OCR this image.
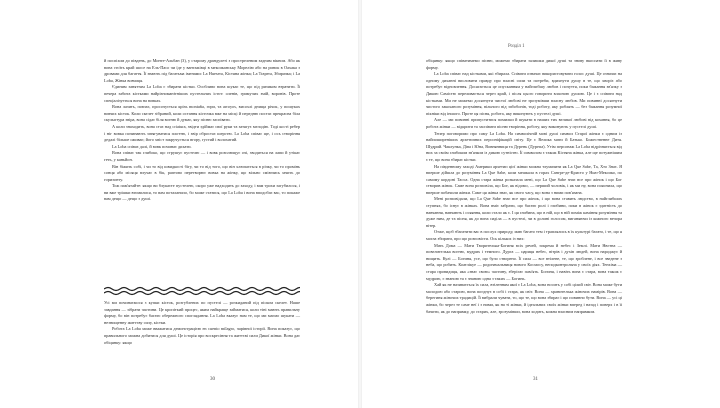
й поспіхом до південь, до Монте-Альбан (3), у старому драндулеті з простреленим задним вікном. Або як вона стоїть край шосе на Ель-Пасо чи їде у вантажівці в мексиканську Морелію або на ринок в Оахака з дровами для багаття. Її знають під багатьма іменами: La Huesera, Кістяна жінка; La Trapera, Збирачка; і La Loba, Жінка вовчиця.

Єдиним заняттям La Loba є збирати кістки. Особливо вона шукає те, що під ризиком втратити. Її печера забита кістками найрізноманітніших пустельних істот: оленів, гримучих змій, воронів. Проте спеціалізується вона на вовках.

Вона лазить, повзає, просочується крізь montaña, гори, та arroyos, висохлі днища річок, у пошуках вовчих кісток. Коли скелет зібраний, коли остання кісточка вже на місці й передню постає прекрасна біла скульптура звіра, вона сідає біля вогню й думає, яку пісню заспівати.

А коли знаходить, вона стає над criatura, звідти здіймає свої руки та затягує мелодію. Тоді кості ребер і ніг вовка починають затягуватися плоттю, і звір обростає шерстю. La Loba співає ще, і ось створіння дедалі більше оживає; його хвіст закручується вгору, густий і волохатий.

La Loba співає далі, й вовк починає дихати.

Вона співає так глибоко, що струшує пустелю — і вовк розплющує очі, зводиться на лапи й утікає геть, у каньйон.

Він біжить собі, і чи то від швидкості бігу, чи то від того, що він хлюпається в річку, чи то промінь сонця або місяця влучає в бік, раптово перетворює вовка на жінку, що вільно сміючись мчить до горизонту.

Тож пам'ятайте: якщо ви блукаєте пустелею, скоро уже надходить до заходу, і вам трохи загубилося, і ви вже трішки втомилися, то вам поталанило, бо може статися, що La Loba і вона вподобає вас, то покаже вам дещо — дещо з душі.

Усі ми починаємося з купки кісток, розгублених по пустелі — розкиданий під піском скелет. Наше завдання — зібрати частини. Це кропіткий процес, яким найкраще займатися, коли тіні мають правильну форму, бо він потребує багато обережного споглядання. La Loba вказує нам те, що ми маємо шукати — незнищенну життєву силу, кістки.

Робота La Loba може вважатися демонстрацією en cuento milagro, чарівної історії. Вона показує, що правильного можна добитися для душі. Це історія про воскресіння та життєві сили Дикої жінки. Вона дає обіцянку: якщо

30
Розділ 1

обіцянку: якщо співатимемо пісню, можемо збирати залишки дикої душі та знову вкоспати її в живу форму.

La Loba співає над кістками, які збирала. Співати означає використовувати голос душі. Це означає на одному диханні висловити правду про власні сили та потреби, вдихнути душу в те, що хворіє або потребує відновлення. Досягається це опусканням у найглибшу любов і почуття, поки бажання зв'язку з Дикою Самістю переливається через край, і після цього говорити власною душою. Це і є співати над кістками. Ми не можемо досягнути чистої любові не зрозумівши власну любов. Ми повинні досягнути чистого закоханого розуміння, вільного від забобонів, тоді роботу, яку роблять — без бажання розумної пікніки від іншого. Проте ця пісня, робота, яку виконують у пустелі душі.

Але — ми повинні припуститися помилки й шукати в наших тих великої любові від кохання, бо це робота жінки — відкрити та заспівати пісню творіння, роботу, яку виконують у пустелі душі.

Тепер поговоримо про саму La Loba. На символічній мові душі символ Старої жінки є одним із найпоширеніших архетипних персоніфікацій світу. Це є Велика мати й Батько. Божественне Дитя. Шудрий. Чаклунка, Діва і Юна, Вовнянниця та Дурень (Дурепа). Утім персонаж La Loba відрізняється від них за своїм глибоким зв'язком із дикою сутністю. Її символом є також Кістяна жінка, але ще потужнішим є те, що вона збирає кістки.

На південному заході Америки архетип цієї жінки можна тлумачити як La Que Sabe, Та, Хто Знає. Я вперше дійшла до розуміння La Que Sabe, коли мешкала в горах Сангре-де-Кристо у Нью-Мексико, по самому кордоні Таоса. Одна стара жінка розказала мені, що La Que Sabe знає все про жінок і що Бог створив жінок. Саме вона розповіла, що Бог, як відомо, — перший чоловік, і як ми ну, вона пояснила, що вперше побачили жінки. Саме ця жінка знає, як свого часу, що вона з ними пов'язана.

Мені розповідали, що La Que Sabe знає все про жінок, і що вона ставить людство, в найглибших ступнях, бо існує в жінках. Вона вміє забрати, що багато ролі і глибини, поки в жінок є здатність до навчання, навчають і осяяння, коли стало як є. І ця глибина, що в ній, що в ній поміж каміння розуміння та дуже ним, де та пісня, як до вона сиділа — в пустелі, чи в долині голосом, виганяючи із кожного вечора вітер.

Отже, щоб збагатити вас в послух природу, маю багато тем і траплялись в їх культурі багато, і те, що я могла збирати, про що розповісти. Ось кількох із них:

Мать Дома — Мати Творителька-Богиня всіх речей, зокрема й небес і Землі. Мати Нвєтна — повелителька вогню, мудрих і темного. Дурга — цариця небес, вітрів і духів людей, вона народжує й нищить. Кулі — Богиня, усе, що було створено. Її сила — все втілене, те, що зроблене, і все зведене з неба, що робить. Коатлікуе — родоначальниця нового Космосу, неподконтрольна у своїх діях. Тенхіма — стара провидиця, яка «знає свою» частину, зберігає пам'ять. Богиня, і навіть вона є стара, вона також є мудрою, є знаною та є знаною одна з таких — Богинь.

Хай як не називається їх сила, втіленням якої є La Loba, вона носить у собі цілий світ. Вона може бути молодою або старою, вона поєднує в собі і стара, як світ. Вона — хранителька жіночих намірів. Вона — берегиня жіночих традицій. Її вибрали чувати, то, що те, що вона збирає і що повинно бути. Вона — усі ці жінки, бо через те саме неї і з ними, як на ті жінки, й ідеальних своїх жінки вперед і назад і поверх і в її бачити, як до напрямку, до старих, але, зрозумівши, вона ходить, кожна власним напрямком.

31
